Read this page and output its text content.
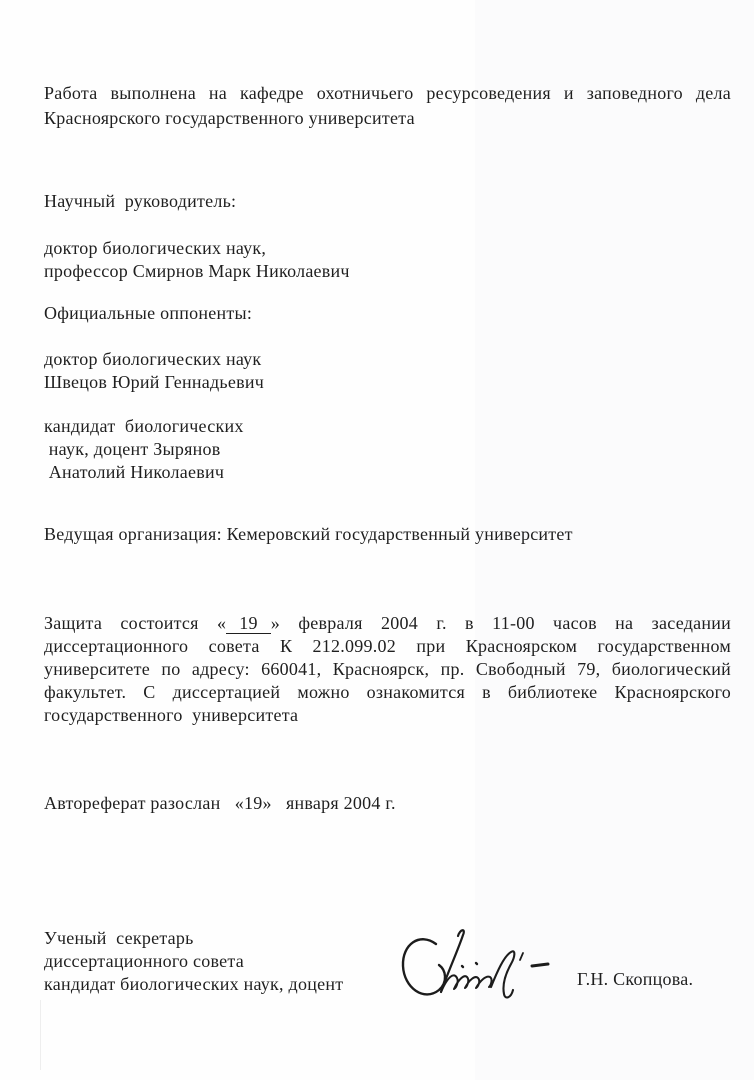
Работа выполнена на кафедре охотничьего ресурсоведения и заповедного дела
Красноярского государственного университета
Научный  руководитель:
доктор биологических наук,
профессор Смирнов Марк Николаевич
Официальные оппоненты:
доктор биологических наук
Швецов Юрий Геннадьевич
кандидат  биологических
наук, доцент Зырянов
Анатолий Николаевич
Ведущая организация: Кемеровский государственный университет
Защита состоится « 19 » февраля 2004 г. в 11-00 часов на заседании
диссертационного совета К 212.099.02 при Красноярском государственном
университете по адресу: 660041, Красноярск, пр. Свободный 79, биологический
факультет. С диссертацией можно ознакомится в библиотеке Красноярского
государственного  университета
Автореферат разослан   «19»   января 2004 г.
Ученый  секретарь
диссертационного совета
кандидат биологических наук, доцент	Г.Н. Скопцова.
